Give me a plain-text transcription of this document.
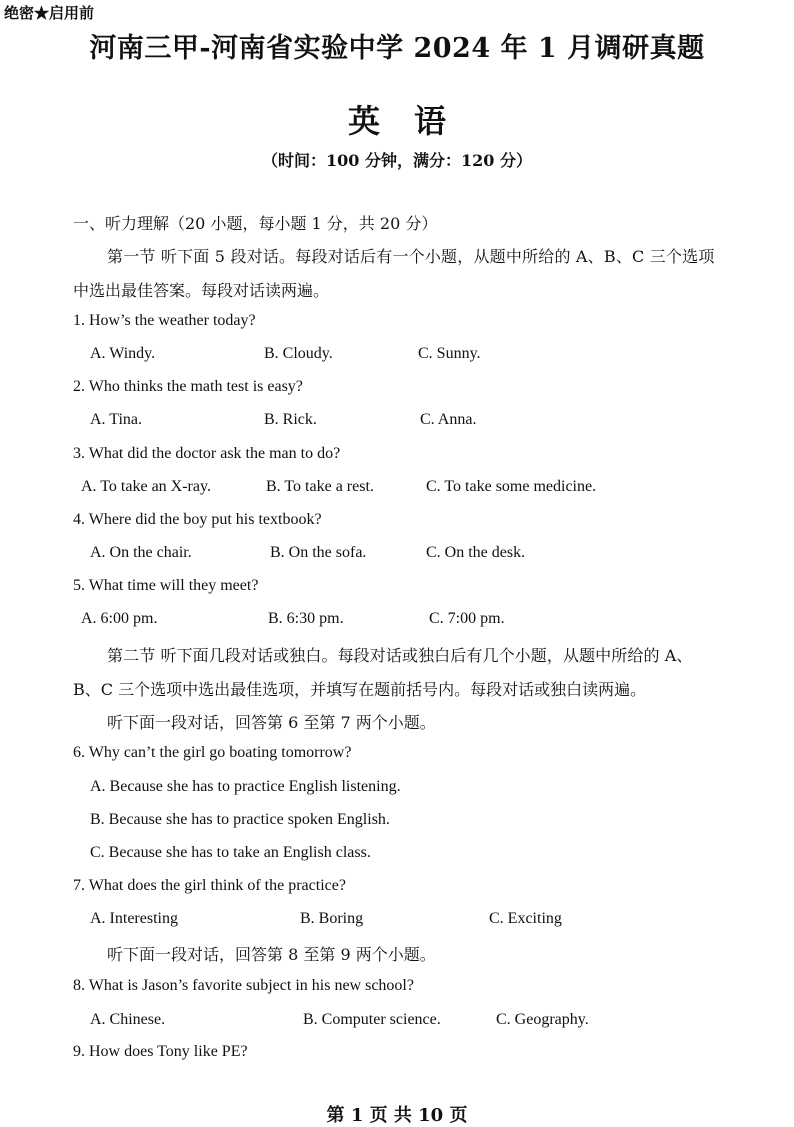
绝密★启用前
河南三甲-河南省实验中学 2024 年 1 月调研真题
英语
（时间：100 分钟，满分：120 分）
一、听力理解（20 小题，每小题 1 分，共 20 分）
第一节 听下面 5 段对话。每段对话后有一个小题，从题中所给的 A、B、C 三个选项
中选出最佳答案。每段对话读两遍。
1. How’s the weather today?
A. Windy.	B. Cloudy.	C. Sunny.
2. Who thinks the math test is easy?
A. Tina.	B. Rick.	C. Anna.
3. What did the doctor ask the man to do?
A. To take an X-ray.	B. To take a rest.	C. To take some medicine.
4. Where did the boy put his textbook?
A. On the chair.	B. On the sofa.	C. On the desk.
5. What time will they meet?
A. 6:00 pm.	B. 6:30 pm.	C. 7:00 pm.
第二节 听下面几段对话或独白。每段对话或独白后有几个小题，从题中所给的 A、
B、C 三个选项中选出最佳选项，并填写在题前括号内。每段对话或独白读两遍。
听下面一段对话，回答第 6 至第 7 两个小题。
6. Why can’t the girl go boating tomorrow?
A. Because she has to practice English listening.
B. Because she has to practice spoken English.
C. Because she has to take an English class.
7. What does the girl think of the practice?
A. Interesting	B. Boring	C. Exciting
听下面一段对话，回答第 8 至第 9 两个小题。
8. What is Jason’s favorite subject in his new school?
A. Chinese.	B. Computer science.	C. Geography.
9. How does Tony like PE?
第 1 页 共 10 页
